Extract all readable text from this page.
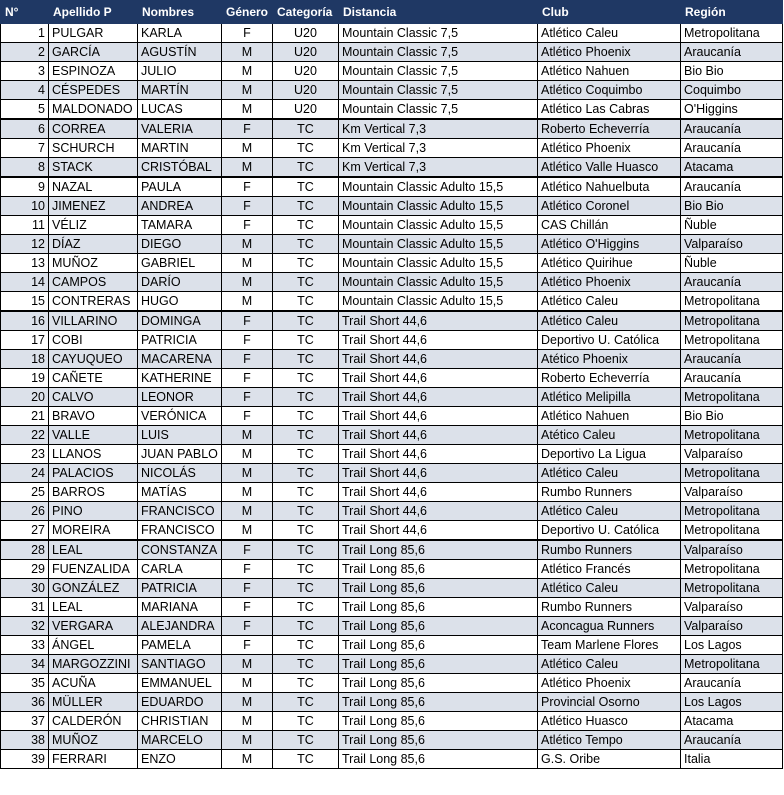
N°	Apellido P	Nombres	Género	Categoría	Distancia	Club	Región
1	PULGAR	KARLA	F	U20	Mountain Classic 7,5	Atlético Caleu	Metropolitana
2	GARCÍA	AGUSTÍN	M	U20	Mountain Classic 7,5	Atlético Phoenix	Araucanía
3	ESPINOZA	JULIO	M	U20	Mountain Classic 7,5	Atlético Nahuen	Bio Bio
4	CÉSPEDES	MARTÍN	M	U20	Mountain Classic 7,5	Atlético Coquimbo	Coquimbo
5	MALDONADO	LUCAS	M	U20	Mountain Classic 7,5	Atlético Las Cabras	O'Higgins
6	CORREA	VALERIA	F	TC	Km Vertical 7,3	Roberto Echeverría	Araucanía
7	SCHURCH	MARTIN	M	TC	Km Vertical 7,3	Atlético Phoenix	Araucanía
8	STACK	CRISTÓBAL	M	TC	Km Vertical 7,3	Atlético Valle Huasco	Atacama
9	NAZAL	PAULA	F	TC	Mountain Classic Adulto 15,5	Atlético Nahuelbuta	Araucanía
10	JIMENEZ	ANDREA	F	TC	Mountain Classic Adulto 15,5	Atlético Coronel	Bio Bio
11	VÉLIZ	TAMARA	F	TC	Mountain Classic Adulto 15,5	CAS Chillán	Ñuble
12	DÍAZ	DIEGO	M	TC	Mountain Classic Adulto 15,5	Atlético O'Higgins	Valparaíso
13	MUÑOZ	GABRIEL	M	TC	Mountain Classic Adulto 15,5	Atlético Quirihue	Ñuble
14	CAMPOS	DARÍO	M	TC	Mountain Classic Adulto 15,5	Atlético Phoenix	Araucanía
15	CONTRERAS	HUGO	M	TC	Mountain Classic Adulto 15,5	Atlético Caleu	Metropolitana
16	VILLARINO	DOMINGA	F	TC	Trail Short 44,6	Atlético Caleu	Metropolitana
17	COBI	PATRICIA	F	TC	Trail Short 44,6	Deportivo U. Católica	Metropolitana
18	CAYUQUEO	MACARENA	F	TC	Trail Short 44,6	Atético Phoenix	Araucanía
19	CAÑETE	KATHERINE	F	TC	Trail Short 44,6	Roberto Echeverría	Araucanía
20	CALVO	LEONOR	F	TC	Trail Short 44,6	Atlético Melipilla	Metropolitana
21	BRAVO	VERÓNICA	F	TC	Trail Short 44,6	Atlético Nahuen	Bio Bio
22	VALLE	LUIS	M	TC	Trail Short 44,6	Atético Caleu	Metropolitana
23	LLANOS	JUAN PABLO	M	TC	Trail Short 44,6	Deportivo La Ligua	Valparaíso
24	PALACIOS	NICOLÁS	M	TC	Trail Short 44,6	Atlético Caleu	Metropolitana
25	BARROS	MATÍAS	M	TC	Trail Short 44,6	Rumbo Runners	Valparaíso
26	PINO	FRANCISCO	M	TC	Trail Short 44,6	Atlético Caleu	Metropolitana
27	MOREIRA	FRANCISCO	M	TC	Trail Short 44,6	Deportivo U. Católica	Metropolitana
28	LEAL	CONSTANZA	F	TC	Trail Long 85,6	Rumbo Runners	Valparaíso
29	FUENZALIDA	CARLA	F	TC	Trail Long 85,6	Atlético Francés	Metropolitana
30	GONZÁLEZ	PATRICIA	F	TC	Trail Long 85,6	Atlético Caleu	Metropolitana
31	LEAL	MARIANA	F	TC	Trail Long 85,6	Rumbo Runners	Valparaíso
32	VERGARA	ALEJANDRA	F	TC	Trail Long 85,6	Aconcagua Runners	Valparaíso
33	ÁNGEL	PAMELA	F	TC	Trail Long 85,6	Team Marlene Flores	Los Lagos
34	MARGOZZINI	SANTIAGO	M	TC	Trail Long 85,6	Atlético Caleu	Metropolitana
35	ACUÑA	EMMANUEL	M	TC	Trail Long 85,6	Atlético Phoenix	Araucanía
36	MÜLLER	EDUARDO	M	TC	Trail Long 85,6	Provincial Osorno	Los Lagos
37	CALDERÓN	CHRISTIAN	M	TC	Trail Long 85,6	Atlético Huasco	Atacama
38	MUÑOZ	MARCELO	M	TC	Trail Long 85,6	Atlético Tempo	Araucanía
39	FERRARI	ENZO	M	TC	Trail Long 85,6	G.S. Oribe	Italia
